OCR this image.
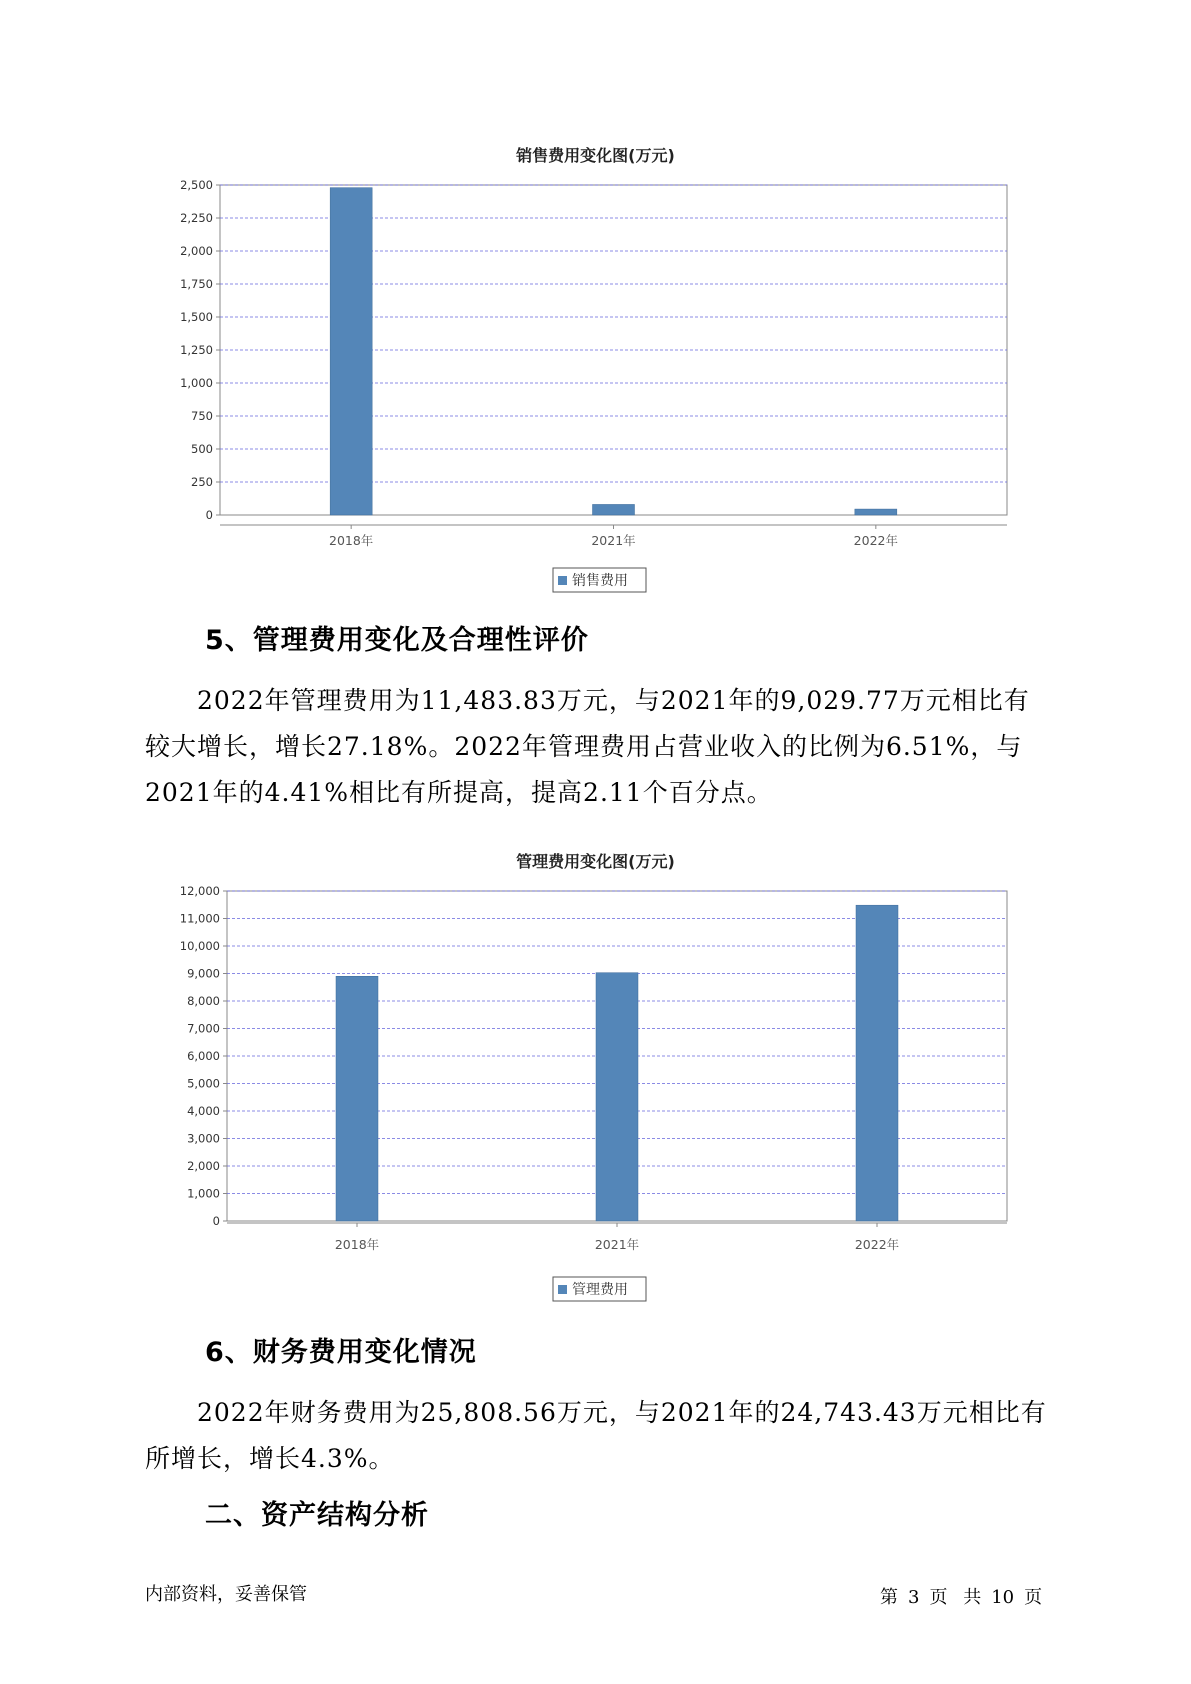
销售费用变化图(万元)
0
250
500
750
1,000
1,250
1,500
1,750
2,000
2,250
2,500
2018年	2021年	2022年
销售费用
5、管理费用变化及合理性评价

2022年管理费用为11,483.83万元，与2021年的9,029.77万元相比有较大增长，增长27.18%。2022年管理费用占营业收入的比例为6.51%，与2021年的4.41%相比有所提高，提高2.11个百分点。

管理费用变化图(万元)
0
1,000
2,000
3,000
4,000
5,000
6,000
7,000
8,000
9,000
10,000
11,000
12,000
2018年	2021年	2022年
管理费用
6、财务费用变化情况

2022年财务费用为25,808.56万元，与2021年的24,743.43万元相比有所增长，增长4.3%。

二、资产结构分析
内部资料，妥善保管	第 3 页 共 10 页
